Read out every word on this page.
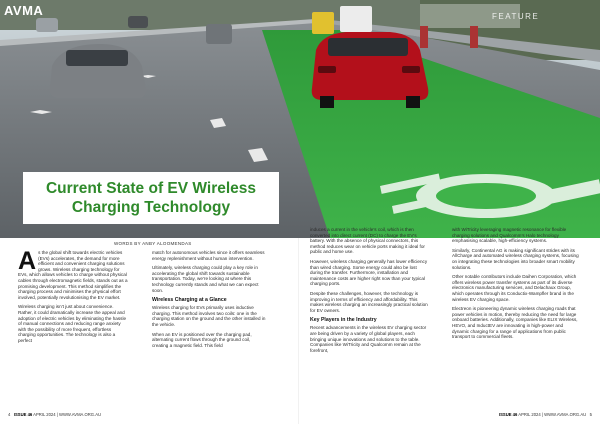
AVMA	FEATURE
Current State of EV Wireless Charging Technology
WORDS BY ANBY ALOOMENDAS

A s the global shift towards electric vehicles (EVs) accelerates, the demand for more efficient and convenient charging solutions grows. Wireless charging technology for EVs, which allows vehicles to charge without physical cables through electromagnetic fields, stands out as a promising development. This method simplifies the charging process and minimises the physical effort involved, potentially revolutionising the EV market.

Wireless charging isn’t just about convenience. Rather, it could dramatically increase the appeal and adoption of electric vehicles by eliminating the hassle of manual connections and reducing range anxiety with the possibility of more frequent, effortless charging opportunities. The technology is also a perfect

match for autonomous vehicles since it offers seamless energy replenishment without human intervention.

Ultimately, wireless charging could play a key role in accelerating the global shift towards sustainable transportation. Today, we’re looking at where this technology currently stands and what we can expect soon.

Wireless Charging at a Glance

Wireless charging for EVs primarily uses inductive charging. This method involves two coils: one in the charging station on the ground and the other installed in the vehicle.

When an EV is positioned over the charging pad, alternating current flows through the ground coil, creating a magnetic field. This field

induces a current in the vehicle’s coil, which is then converted into direct current (DC) to charge the EV’s battery. With the absence of physical connectors, this method reduces wear on vehicle ports making it ideal for public and home use.

However, wireless charging generally has lower efficiency than wired charging. Some energy could also be lost during the transfer. Furthermore, installation and maintenance costs are higher right now than your typical charging ports.

Despite these challenges, however, the technology is improving in terms of efficiency and affordability. This makes wireless charging an increasingly practical solution for EV owners.

Key Players in the Industry

Recent advancements in the wireless EV charging sector are being driven by a variety of global players, each bringing unique innovations and solutions to the table. Companies like WiTricity and Qualcomm remain at the forefront,

with WiTricity leveraging magnetic resonance for flexible charging solutions and Qualcomm’s Halo technology emphasising scalable, high-efficiency systems.

Similarly, Continental AG is making significant strides with its AllCharge and automated wireless charging systems, focusing on integrating these technologies into broader smart mobility solutions.

Other notable contributors include Daihen Corporation, which offers wireless power transfer systems as part of its diverse electronics manufacturing services, and Delachaux Group, which operates through its Conductix-Wampfler brand in the wireless EV charging space.

Electreon is pioneering dynamic wireless charging roads that power vehicles in motion, thereby reducing the need for large onboard batteries. Additionally, companies like ELIX Wireless, HEVO, and InductEV are innovating in high-power and dynamic charging for a range of applications from public transport to commercial fleets.

4 ISSUE 46 APRIL 2024 | WWW.AVMA.ORG.AU	ISSUE 46 APRIL 2024 | WWW.AVMA.ORG.AU 5
